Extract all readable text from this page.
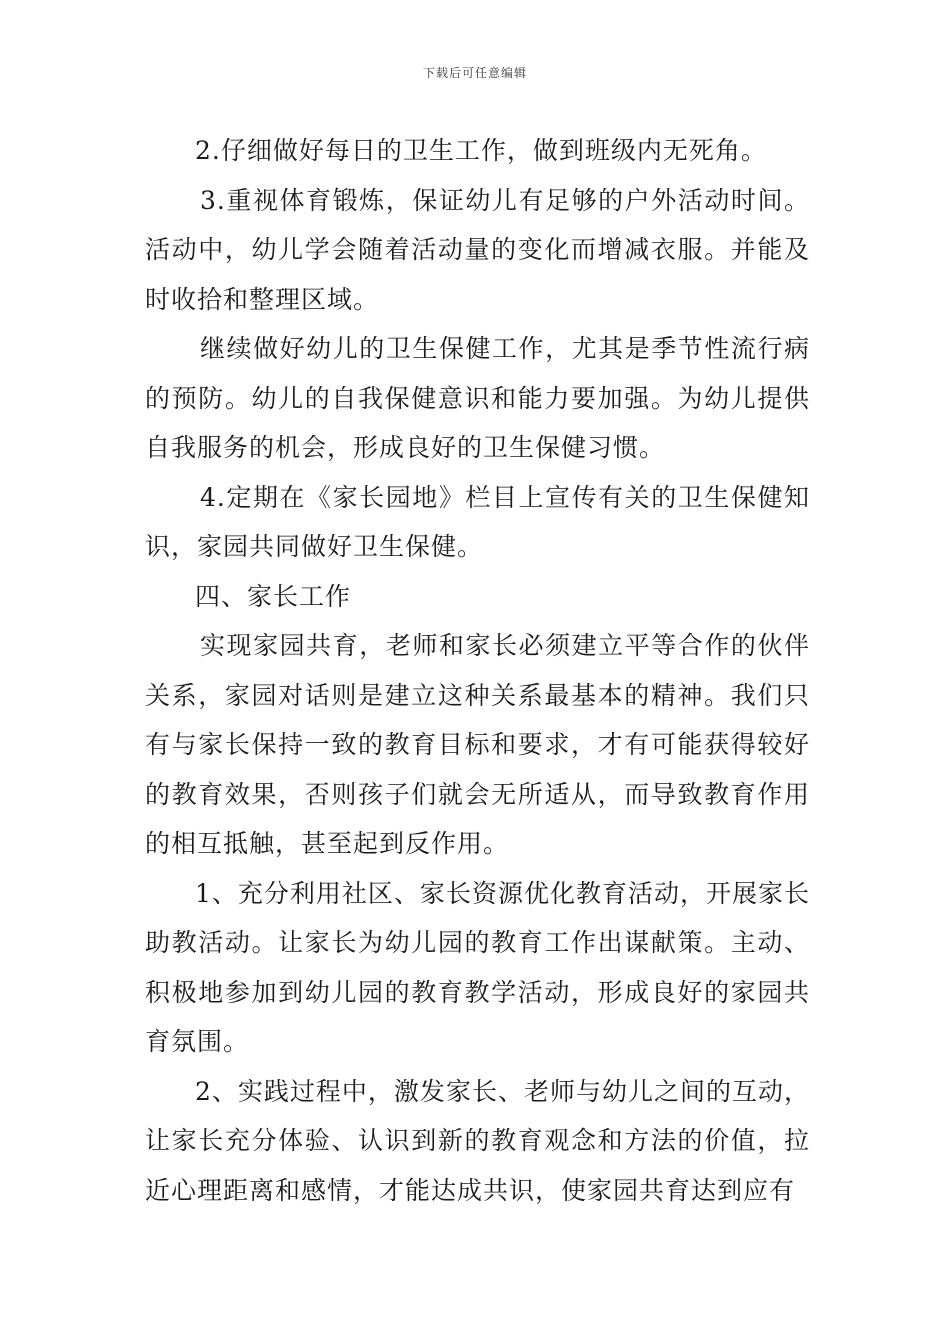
下载后可任意编辑

2.仔细做好每日的卫生工作，做到班级内无死角。

3.重视体育锻炼，保证幼儿有足够的户外活动时间。活动中，幼儿学会随着活动量的变化而增减衣服。并能及时收拾和整理区域。

继续做好幼儿的卫生保健工作，尤其是季节性流行病的预防。幼儿的自我保健意识和能力要加强。为幼儿提供自我服务的机会，形成良好的卫生保健习惯。

4.定期在《家长园地》栏目上宣传有关的卫生保健知识，家园共同做好卫生保健。

四、家长工作

实现家园共育，老师和家长必须建立平等合作的伙伴关系，家园对话则是建立这种关系最基本的精神。我们只有与家长保持一致的教育目标和要求，才有可能获得较好的教育效果，否则孩子们就会无所适从，而导致教育作用的相互抵触，甚至起到反作用。

1、充分利用社区、家长资源优化教育活动，开展家长助教活动。让家长为幼儿园的教育工作出谋献策。主动、积极地参加到幼儿园的教育教学活动，形成良好的家园共育氛围。

2、实践过程中，激发家长、老师与幼儿之间的互动，让家长充分体验、认识到新的教育观念和方法的价值，拉近心理距离和感情，才能达成共识，使家园共育达到应有
